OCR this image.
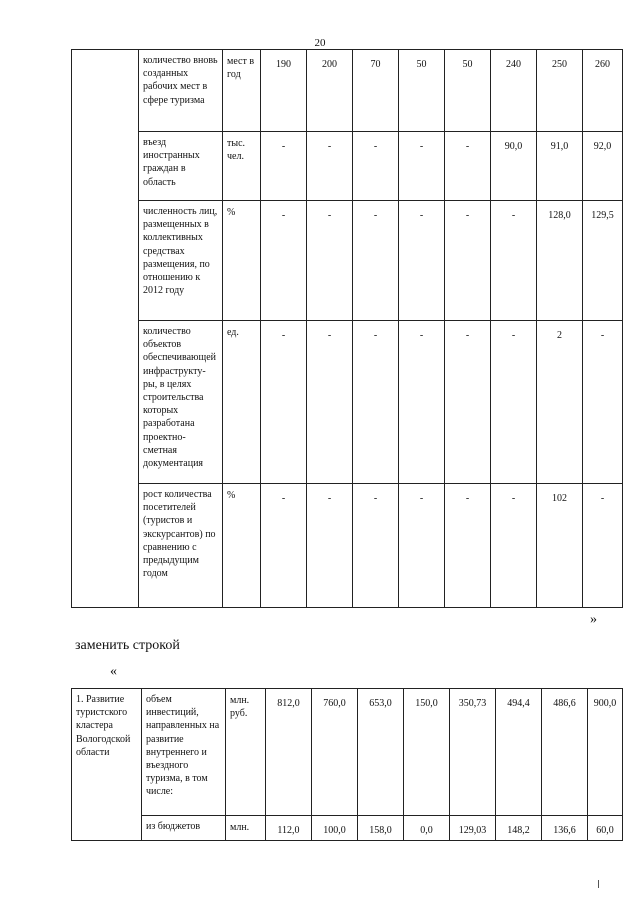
20
	количество вновь созданных рабочих мест в сфере туризма	мест в год	190	200	70	50	50	240	250	260
	въезд иностранных граждан в область	тыс. чел.	-	-	-	-	-	90,0	91,0	92,0
	численность лиц, размещенных в коллективных средствах размещения, по отношению к 2012 году	%	-	-	-	-	-	-	128,0	129,5
	количество объектов обеспечивающей инфраструкту-ры, в целях строительства которых разработана проектно-сметная документация	ед.	-	-	-	-	-	-	2	-
	рост количества посетителей (туристов и экскурсантов) по сравнению с предыдущим годом	%	-	-	-	-	-	-	102	-
»
заменить строкой
«
1. Развитие туристского кластера Вологодской области	объем инвестиций, направленных на развитие внутреннего и въездного туризма, в том числе:	млн. руб.	812,0	760,0	653,0	150,0	350,73	494,4	486,6	900,0
	из бюджетов	млн.	112,0	100,0	158,0	0,0	129,03	148,2	136,6	60,0
